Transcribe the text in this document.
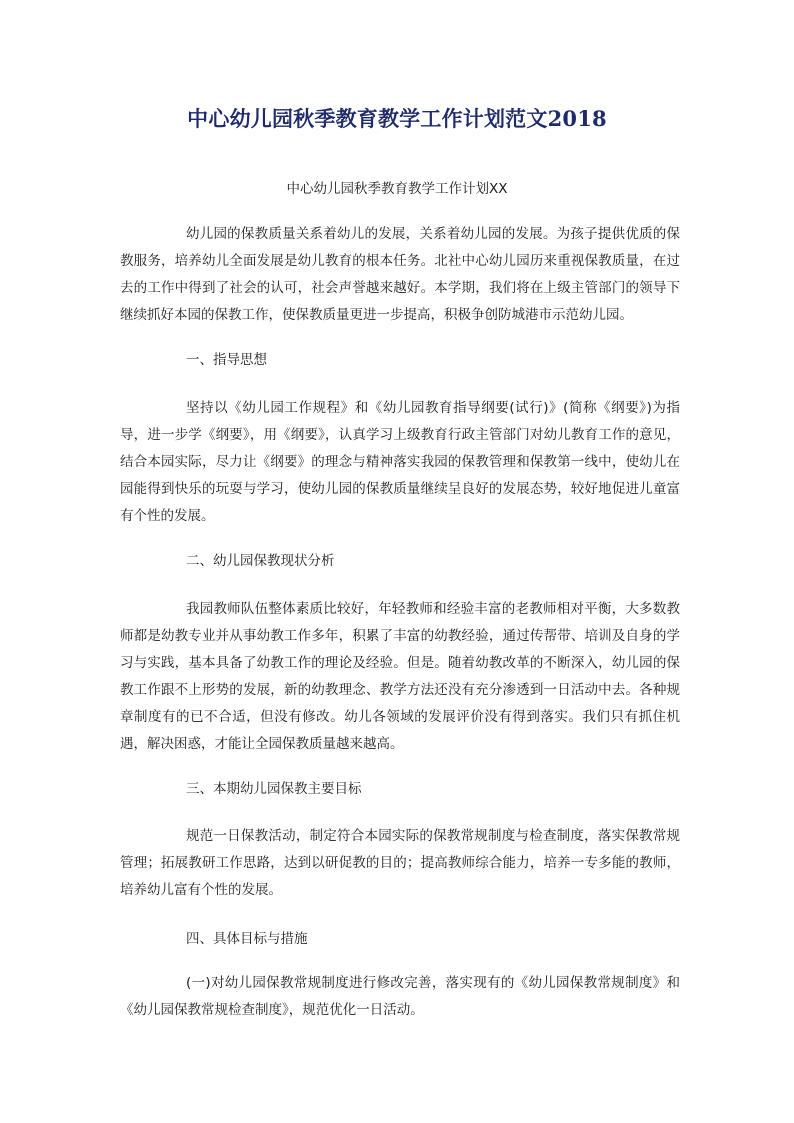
中心幼儿园秋季教育教学工作计划范文2018
中心幼儿园秋季教育教学工作计划XX

幼儿园的保教质量关系着幼儿的发展，关系着幼儿园的发展。为孩子提供优质的保教服务，培养幼儿全面发展是幼儿教育的根本任务。北社中心幼儿园历来重视保教质量，在过去的工作中得到了社会的认可，社会声誉越来越好。本学期，我们将在上级主管部门的领导下继续抓好本园的保教工作，使保教质量更进一步提高，积极争创防城港市示范幼儿园。

一、指导思想

坚持以《幼儿园工作规程》和《幼儿园教育指导纲要(试行)》(简称《纲要》)为指导，进一步学《纲要》，用《纲要》，认真学习上级教育行政主管部门对幼儿教育工作的意见，结合本园实际，尽力让《纲要》的理念与精神落实我园的保教管理和保教第一线中，使幼儿在园能得到快乐的玩耍与学习，使幼儿园的保教质量继续呈良好的发展态势，较好地促进儿童富有个性的发展。

二、幼儿园保教现状分析

我园教师队伍整体素质比较好，年轻教师和经验丰富的老教师相对平衡，大多数教师都是幼教专业并从事幼教工作多年，积累了丰富的幼教经验，通过传帮带、培训及自身的学习与实践，基本具备了幼教工作的理论及经验。但是。随着幼教改革的不断深入，幼儿园的保教工作跟不上形势的发展，新的幼教理念、教学方法还没有充分渗透到一日活动中去。各种规章制度有的已不合适，但没有修改。幼儿各领域的发展评价没有得到落实。我们只有抓住机遇，解决困惑，才能让全园保教质量越来越高。

三、本期幼儿园保教主要目标

规范一日保教活动，制定符合本园实际的保教常规制度与检查制度，落实保教常规管理；拓展教研工作思路，达到以研促教的目的；提高教师综合能力，培养一专多能的教师，培养幼儿富有个性的发展。

四、具体目标与措施

(一)对幼儿园保教常规制度进行修改完善，落实现有的《幼儿园保教常规制度》和《幼儿园保教常规检查制度》，规范优化一日活动。
